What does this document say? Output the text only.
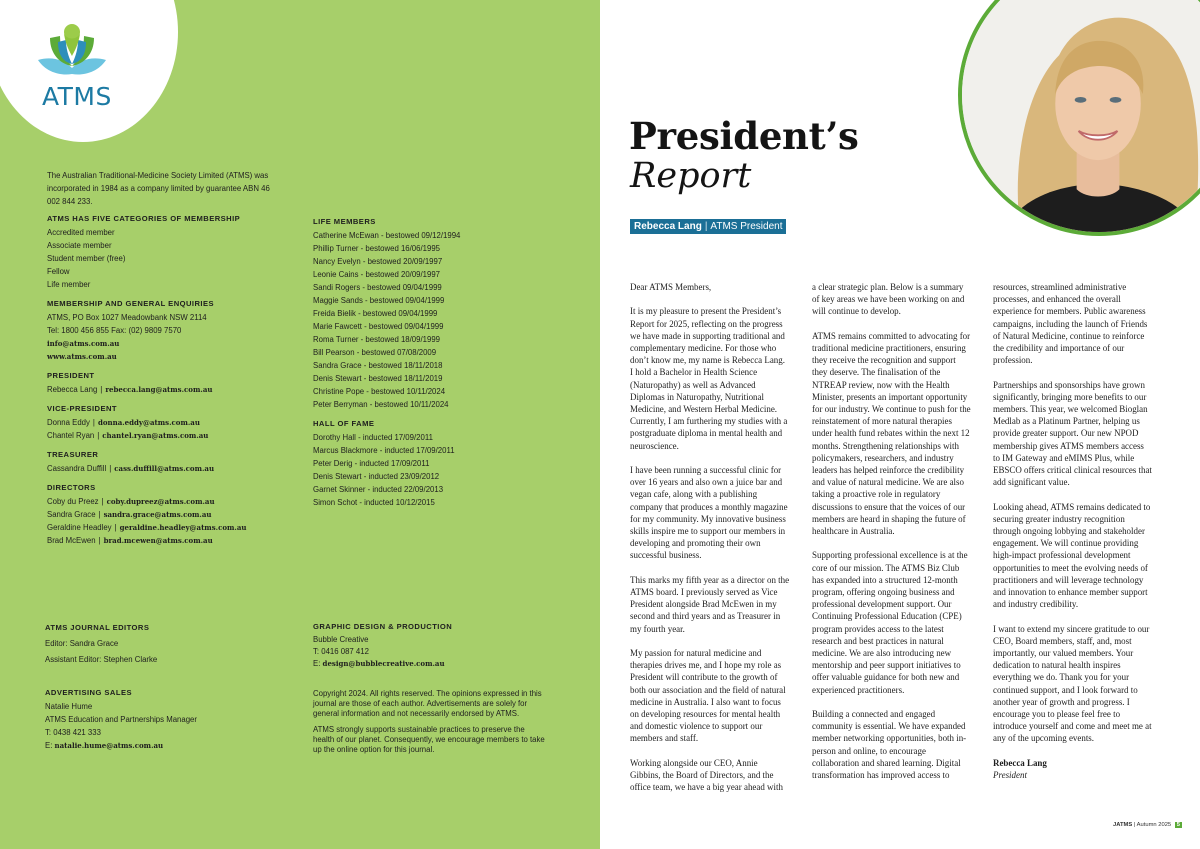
ATMS
The Australian Traditional-Medicine Society Limited (ATMS) was
incorporated in 1984 as a company limited by guarantee ABN 46
002 844 233.
ATMS HAS FIVE CATEGORIES OF MEMBERSHIP
Accredited member
Associate member
Student member (free)
Fellow
Life member
MEMBERSHIP AND GENERAL ENQUIRIES
ATMS, PO Box 1027 Meadowbank NSW 2114
Tel: 1800 456 855 Fax: (02) 9809 7570
info@atms.com.au
www.atms.com.au
PRESIDENT
Rebecca Lang | rebecca.lang@atms.com.au
VICE-PRESIDENT
Donna Eddy | donna.eddy@atms.com.au
Chantel Ryan | chantel.ryan@atms.com.au
TREASURER
Cassandra Duffill | cass.duffill@atms.com.au
DIRECTORS
Coby du Preez | coby.dupreez@atms.com.au
Sandra Grace | sandra.grace@atms.com.au
Geraldine Headley | geraldine.headley@atms.com.au
Brad McEwen | brad.mcewen@atms.com.au
LIFE MEMBERS
Catherine McEwan - bestowed 09/12/1994
Phillip Turner - bestowed 16/06/1995
Nancy Evelyn - bestowed 20/09/1997
Leonie Cains - bestowed 20/09/1997
Sandi Rogers - bestowed 09/04/1999
Maggie Sands - bestowed 09/04/1999
Freida Bielik - bestowed 09/04/1999
Marie Fawcett - bestowed 09/04/1999
Roma Turner - bestowed 18/09/1999
Bill Pearson - bestowed 07/08/2009
Sandra Grace - bestowed 18/11/2018
Denis Stewart - bestowed 18/11/2019
Christine Pope - bestowed 10/11/2024
Peter Berryman - bestowed 10/11/2024
HALL OF FAME
Dorothy Hall - inducted 17/09/2011
Marcus Blackmore - inducted 17/09/2011
Peter Derig - inducted 17/09/2011
Denis Stewart - inducted 23/09/2012
Garnet Skinner - inducted 22/09/2013
Simon Schot - inducted 10/12/2015
ATMS JOURNAL EDITORS
Editor: Sandra Grace
Assistant Editor: Stephen Clarke
ADVERTISING SALES
Natalie Hume
ATMS Education and Partnerships Manager
T: 0438 421 333
E: natalie.hume@atms.com.au
GRAPHIC DESIGN & PRODUCTION
Bubble Creative
T: 0416 087 412
E: design@bubblecreative.com.au

Copyright 2024. All rights reserved. The opinions expressed in this journal are those of each author. Advertisements are solely for general information and not necessarily endorsed by ATMS.

ATMS strongly supports sustainable practices to preserve the health of our planet. Consequently, we encourage members to take up the online option for this journal.

President’s
Report
Rebecca Lang | ATMS President

Dear ATMS Members,

It is my pleasure to present the President’s Report for 2025, reflecting on the progress we have made in supporting traditional and complementary medicine. For those who don’t know me, my name is Rebecca Lang. I hold a Bachelor in Health Science (Naturopathy) as well as Advanced Diplomas in Naturopathy, Nutritional Medicine, and Western Herbal Medicine. Currently, I am furthering my studies with a postgraduate diploma in mental health and neuroscience.

I have been running a successful clinic for over 16 years and also own a juice bar and vegan cafe, along with a publishing company that produces a monthly magazine for my community. My innovative business skills inspire me to support our members in developing and promoting their own successful business.

This marks my fifth year as a director on the ATMS board. I previously served as Vice President alongside Brad McEwen in my second and third years and as Treasurer in my fourth year.

My passion for natural medicine and therapies drives me, and I hope my role as President will contribute to the growth of both our association and the field of natural medicine in Australia. I also want to focus on developing resources for mental health and domestic violence to support our members and staff.

Working alongside our CEO, Annie Gibbins, the Board of Directors, and the office team, we have a big year ahead with

a clear strategic plan. Below is a summary of key areas we have been working on and will continue to develop.

ATMS remains committed to advocating for traditional medicine practitioners, ensuring they receive the recognition and support they deserve. The finalisation of the NTREAP review, now with the Health Minister, presents an important opportunity for our industry. We continue to push for the reinstatement of more natural therapies under health fund rebates within the next 12 months. Strengthening relationships with policymakers, researchers, and industry leaders has helped reinforce the credibility and value of natural medicine. We are also taking a proactive role in regulatory discussions to ensure that the voices of our members are heard in shaping the future of healthcare in Australia.

Supporting professional excellence is at the core of our mission. The ATMS Biz Club has expanded into a structured 12-month program, offering ongoing business and professional development support. Our Continuing Professional Education (CPE) program provides access to the latest research and best practices in natural medicine. We are also introducing new mentorship and peer support initiatives to offer valuable guidance for both new and experienced practitioners.

Building a connected and engaged community is essential. We have expanded member networking opportunities, both in-person and online, to encourage collaboration and shared learning. Digital transformation has improved access to

resources, streamlined administrative processes, and enhanced the overall experience for members. Public awareness campaigns, including the launch of Friends of Natural Medicine, continue to reinforce the credibility and importance of our profession.

Partnerships and sponsorships have grown significantly, bringing more benefits to our members. This year, we welcomed Bioglan Medlab as a Platinum Partner, helping us provide greater support. Our new NPOD membership gives ATMS members access to IM Gateway and eMIMS Plus, while EBSCO offers critical clinical resources that add significant value.

Looking ahead, ATMS remains dedicated to securing greater industry recognition through ongoing lobbying and stakeholder engagement. We will continue providing high-impact professional development opportunities to meet the evolving needs of practitioners and will leverage technology and innovation to enhance member support and industry credibility.

I want to extend my sincere gratitude to our CEO, Board members, staff, and, most importantly, our valued members. Your dedication to natural health inspires everything we do. Thank you for your continued support, and I look forward to another year of growth and progress. I encourage you to please feel free to introduce yourself and come and meet me at any of the upcoming events.

Rebecca Lang

President

JATMS | Autumn 2025 5
